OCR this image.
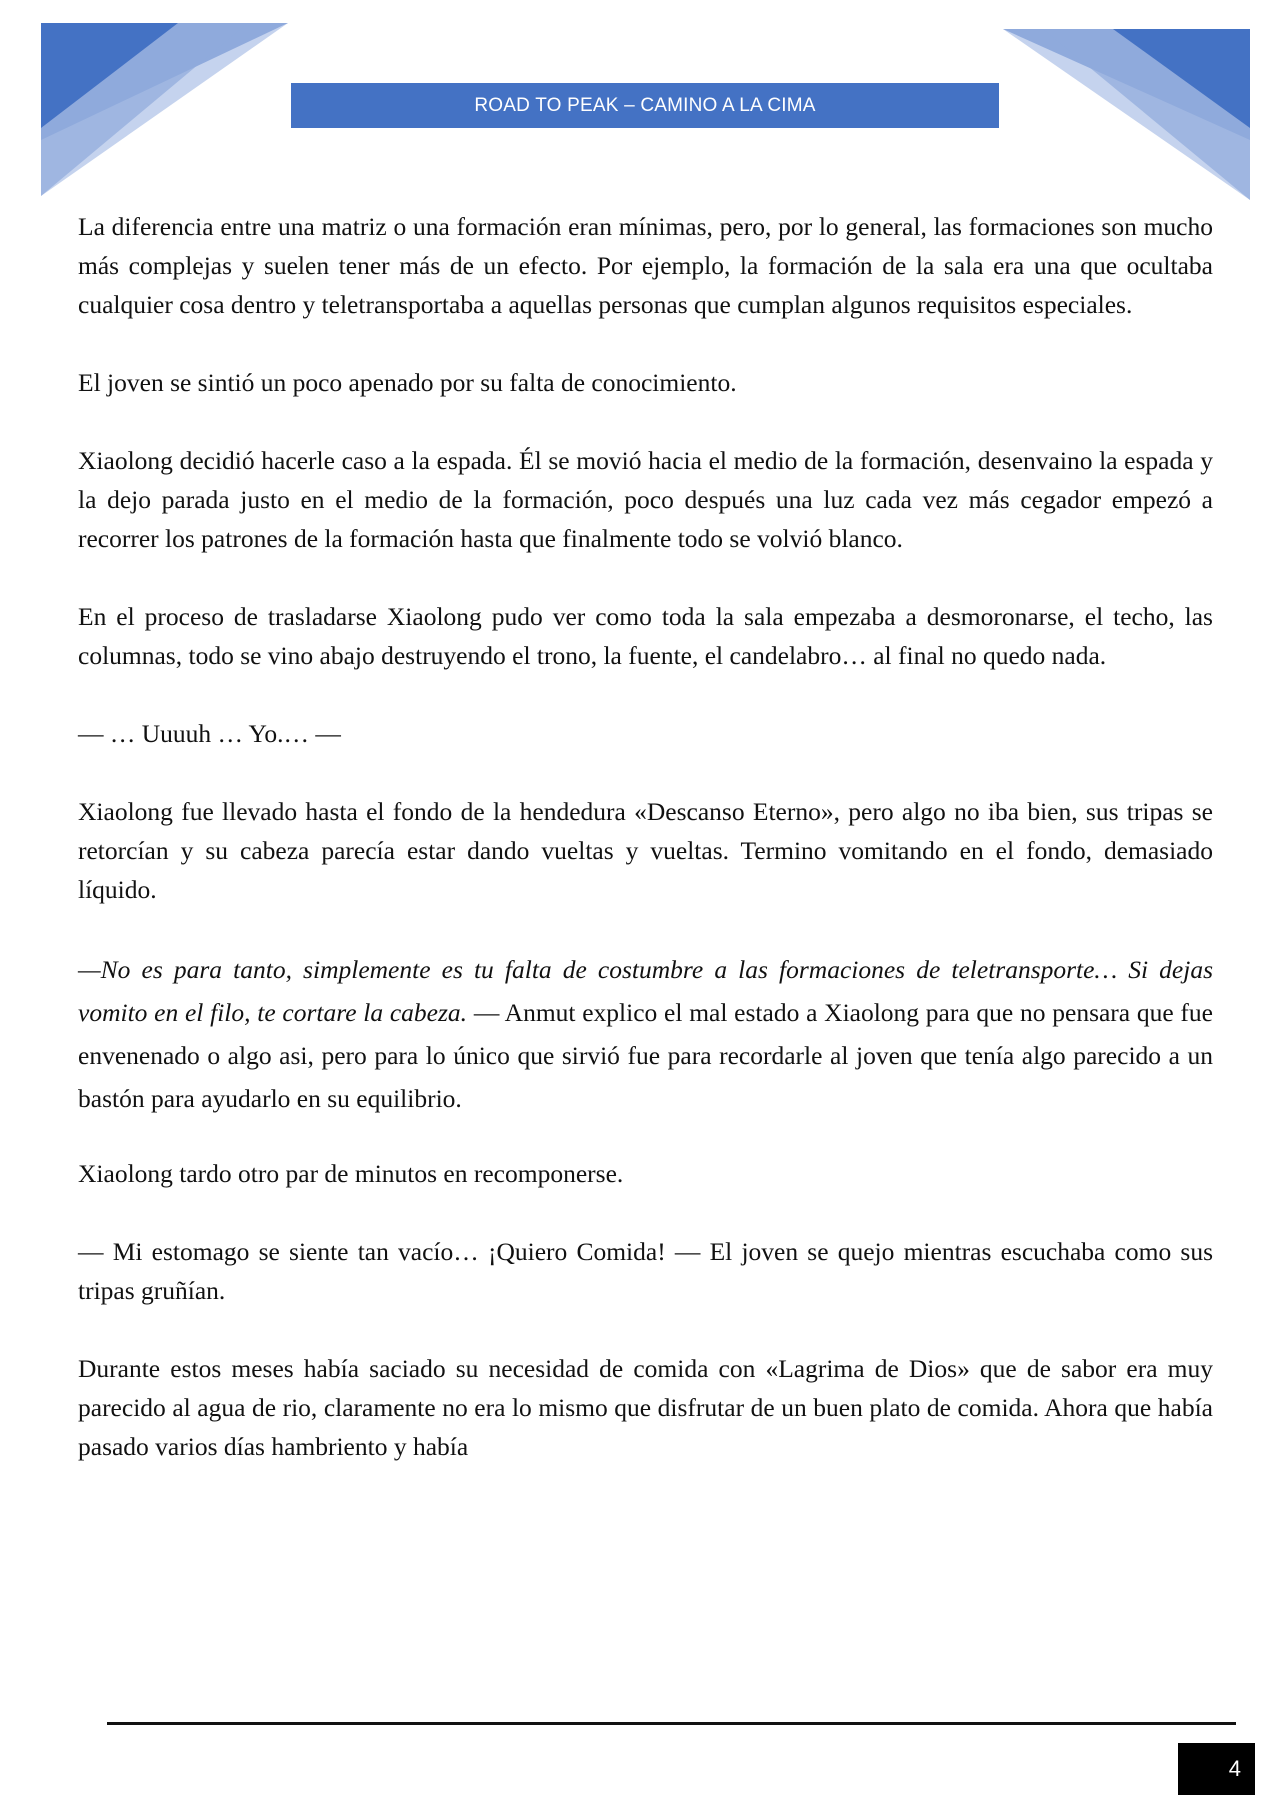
ROAD TO PEAK – CAMINO A LA CIMA

La diferencia entre una matriz o una formación eran mínimas, pero, por lo general, las formaciones son mucho más complejas y suelen tener más de un efecto. Por ejemplo, la formación de la sala era una que ocultaba cualquier cosa dentro y teletransportaba a aquellas personas que cumplan algunos requisitos especiales.

El joven se sintió un poco apenado por su falta de conocimiento.

Xiaolong decidió hacerle caso a la espada. Él se movió hacia el medio de la formación, desenvaino la espada y la dejo parada justo en el medio de la formación, poco después una luz cada vez más cegador empezó a recorrer los patrones de la formación hasta que finalmente todo se volvió blanco.

En el proceso de trasladarse Xiaolong pudo ver como toda la sala empezaba a desmoronarse, el techo, las columnas, todo se vino abajo destruyendo el trono, la fuente, el candelabro… al final no quedo nada.

— … Uuuuh … Yo.… —

Xiaolong fue llevado hasta el fondo de la hendedura «Descanso Eterno», pero algo no iba bien, sus tripas se retorcían y su cabeza parecía estar dando vueltas y vueltas. Termino vomitando en el fondo, demasiado líquido.

—No es para tanto, simplemente es tu falta de costumbre a las formaciones de teletransporte… Si dejas vomito en el filo, te cortare la cabeza. — Anmut explico el mal estado a Xiaolong para que no pensara que fue envenenado o algo asi, pero para lo único que sirvió fue para recordarle al joven que tenía algo parecido a un bastón para ayudarlo en su equilibrio.

Xiaolong tardo otro par de minutos en recomponerse.

— Mi estomago se siente tan vacío… ¡Quiero Comida! — El joven se quejo mientras escuchaba como sus tripas gruñían.

Durante estos meses había saciado su necesidad de comida con «Lagrima de Dios» que de sabor era muy parecido al agua de rio, claramente no era lo mismo que disfrutar de un buen plato de comida. Ahora que había pasado varios días hambriento y había

4
